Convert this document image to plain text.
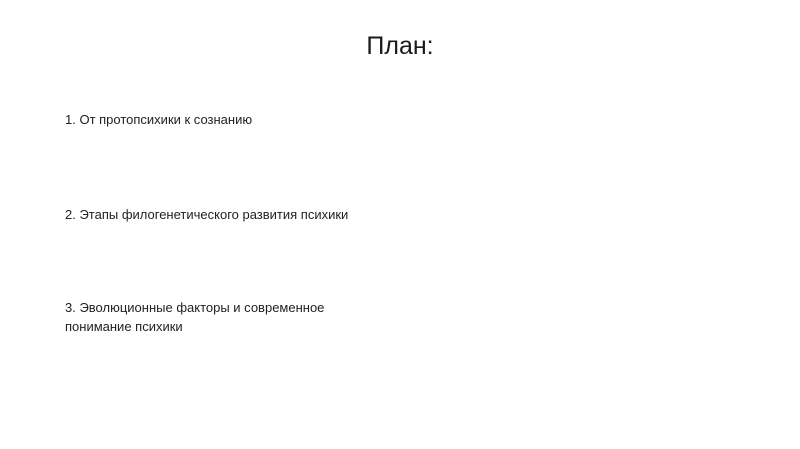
План:
1. От протопсихики к сознанию
2. Этапы филогенетического развития психики
3. Эволюционные факторы и современное понимание психики
